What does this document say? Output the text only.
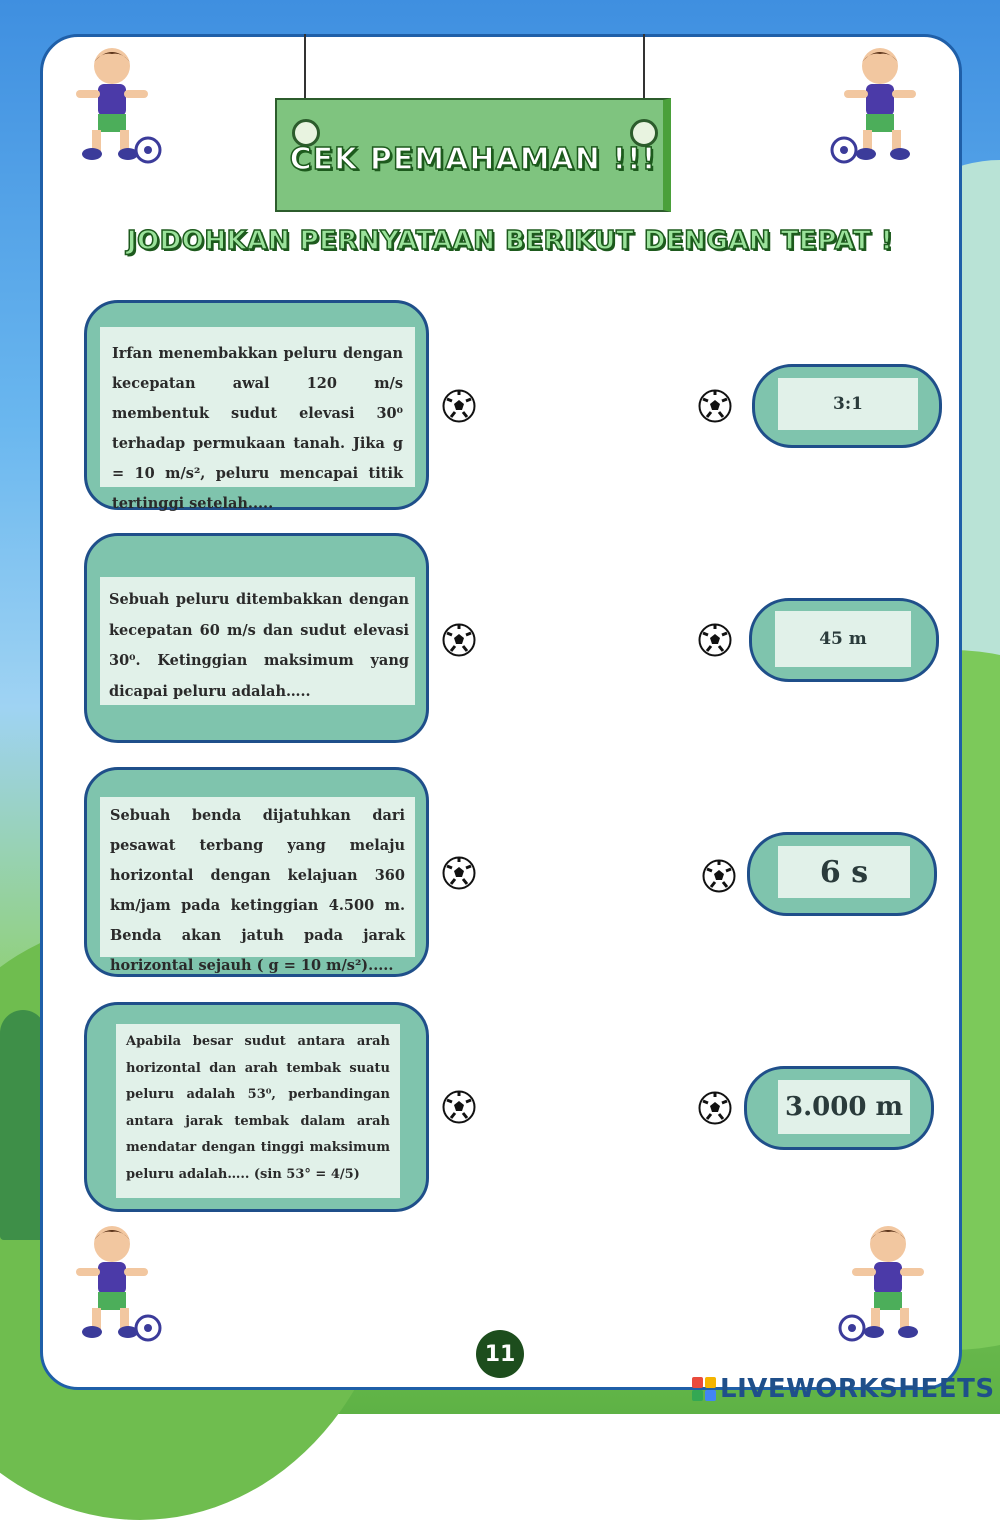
CEK PEMAHAMAN !!!
JODOHKAN PERNYATAAN BERIKUT DENGAN TEPAT !
Irfan menembakkan peluru dengan kecepatan awal 120 m/s membentuk sudut elevasi 30⁰ terhadap permukaan tanah. Jika g = 10 m/s², peluru mencapai titik tertinggi setelah.....
Sebuah peluru ditembakkan dengan kecepatan 60 m/s dan sudut elevasi 30⁰. Ketinggian maksimum yang dicapai peluru adalah…..
Sebuah benda dijatuhkan dari pesawat terbang yang melaju horizontal dengan kelajuan 360 km/jam pada ketinggian 4.500 m. Benda akan jatuh pada jarak horizontal sejauh ( g = 10 m/s²).....
Apabila besar sudut antara arah horizontal dan arah tembak suatu peluru adalah 53⁰, perbandingan antara jarak tembak dalam arah mendatar dengan tinggi maksimum peluru adalah….. (sin 53° = 4/5)
3:1
45 m
6 s
3.000 m
11
LIVEWORKSHEETS
